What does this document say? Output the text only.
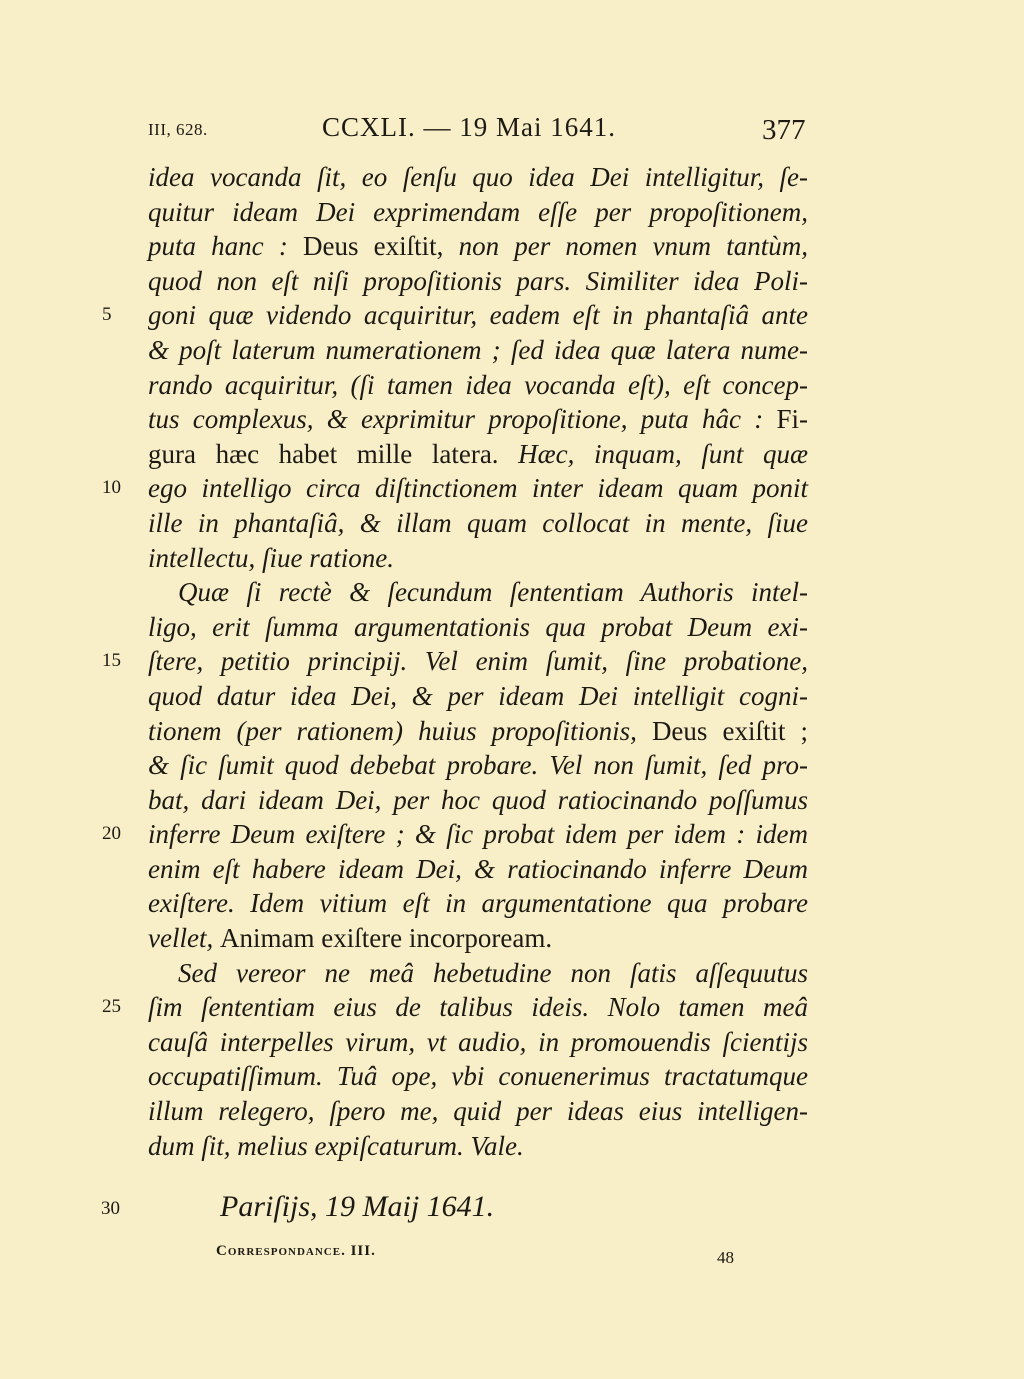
III, 628.	CCXLI. — 19 Mai 1641.	377
idea vocanda ſit, eo ſenſu quo idea Dei intelligitur, ſe-
quitur ideam Dei exprimendam eſſe per propoſitionem,
puta hanc : Deus exiſtit, non per nomen vnum tantùm,
quod non eſt niſi propoſitionis pars. Similiter idea Poli-
5	goni quæ videndo acquiritur, eadem eſt in phantaſiâ ante
& poſt laterum numerationem ; ſed idea quæ latera nume-
rando acquiritur, (ſi tamen idea vocanda eſt), eſt concep-
tus complexus, & exprimitur propoſitione, puta hâc : Fi-
gura hæc habet mille latera. Hæc, inquam, ſunt quæ
10	ego intelligo circa diſtinctionem inter ideam quam ponit
ille in phantaſiâ, & illam quam collocat in mente, ſiue
intellectu, ſiue ratione.
Quæ ſi rectè & ſecundum ſententiam Authoris intel-
ligo, erit ſumma argumentationis qua probat Deum exi-
15	ſtere, petitio principij. Vel enim ſumit, ſine probatione,
quod datur idea Dei, & per ideam Dei intelligit cogni-
tionem (per rationem) huius propoſitionis, Deus exiſtit ;
& ſic ſumit quod debebat probare. Vel non ſumit, ſed pro-
bat, dari ideam Dei, per hoc quod ratiocinando poſſumus
20	inferre Deum exiſtere ; & ſic probat idem per idem : idem
enim eſt habere ideam Dei, & ratiocinando inferre Deum
exiſtere. Idem vitium eſt in argumentatione qua probare
vellet, Animam exiſtere incorpoream.
Sed vereor ne meâ hebetudine non ſatis aſſequutus
25	ſim ſententiam eius de talibus ideis. Nolo tamen meâ
cauſâ interpelles virum, vt audio, in promouendis ſcientijs
occupatiſſimum. Tuâ ope, vbi conuenerimus tractatumque
illum relegero, ſpero me, quid per ideas eius intelligen-
dum ſit, melius expiſcaturum. Vale.
30	Pariſijs, 19 Maij 1641.
Correspondance. III.	48
